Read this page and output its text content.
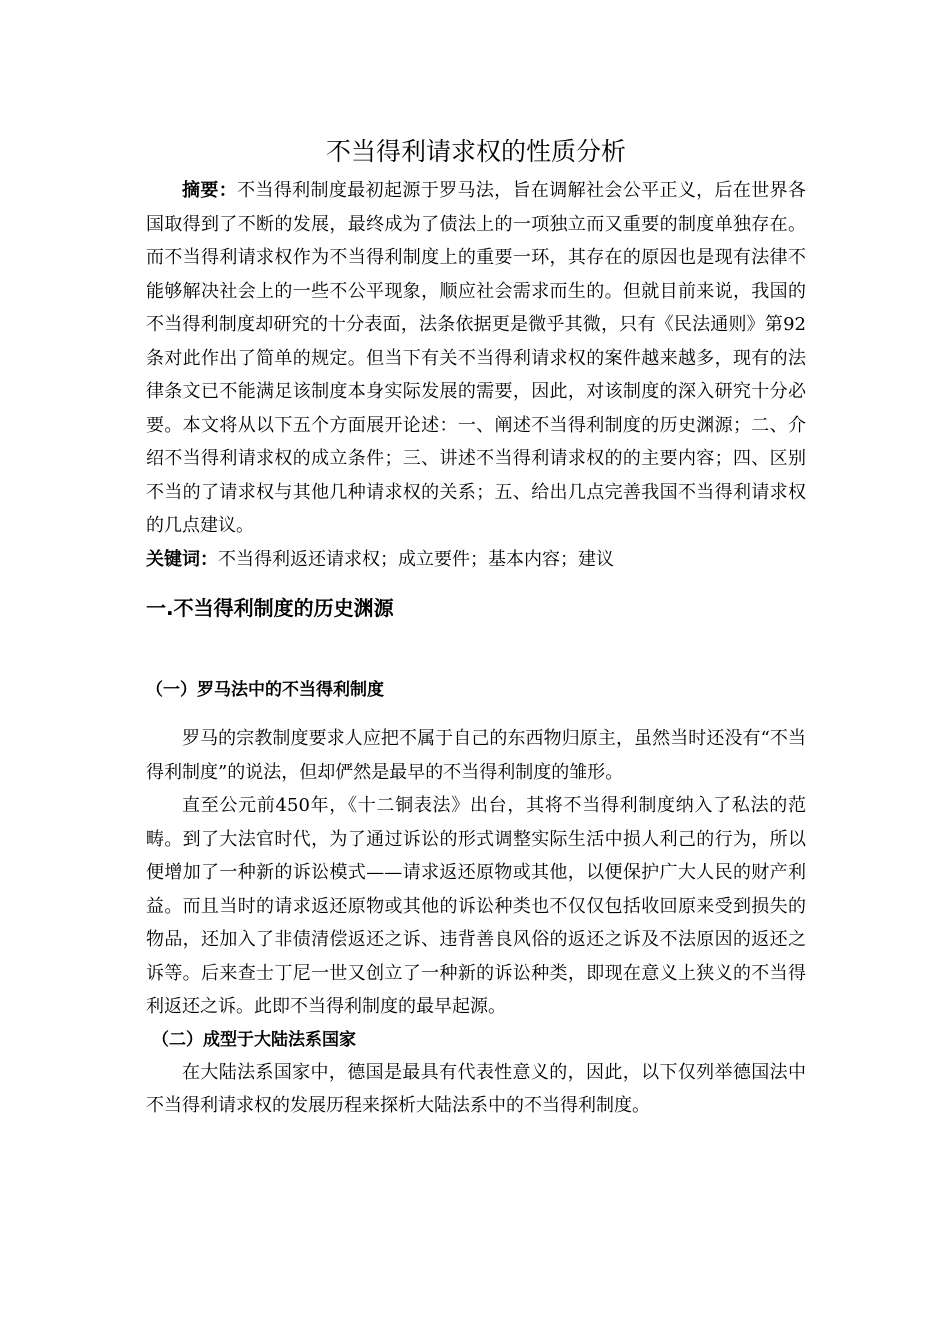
不当得利请求权的性质分析

摘要：不当得利制度最初起源于罗马法，旨在调解社会公平正义，后在世界各国取得到了不断的发展，最终成为了债法上的一项独立而又重要的制度单独存在。而不当得利请求权作为不当得利制度上的重要一环，其存在的原因也是现有法律不能够解决社会上的一些不公平现象，顺应社会需求而生的。但就目前来说，我国的不当得利制度却研究的十分表面，法条依据更是微乎其微，只有《民法通则》第92条对此作出了简单的规定。但当下有关不当得利请求权的案件越来越多，现有的法律条文已不能满足该制度本身实际发展的需要，因此，对该制度的深入研究十分必要。本文将从以下五个方面展开论述：一、阐述不当得利制度的历史渊源；二、介绍不当得利请求权的成立条件；三、讲述不当得利请求权的的主要内容；四、区别不当的了请求权与其他几种请求权的关系；五、给出几点完善我国不当得利请求权的几点建议。

关键词：不当得利返还请求权；成立要件；基本内容；建议

一.不当得利制度的历史渊源
（一）罗马法中的不当得利制度

罗马的宗教制度要求人应把不属于自己的东西物归原主，虽然当时还没有“不当得利制度”的说法，但却俨然是最早的不当得利制度的雏形。

直至公元前450年，《十二铜表法》出台，其将不当得利制度纳入了私法的范畴。到了大法官时代，为了通过诉讼的形式调整实际生活中损人利己的行为，所以便增加了一种新的诉讼模式——请求返还原物或其他，以便保护广大人民的财产利益。而且当时的请求返还原物或其他的诉讼种类也不仅仅包括收回原来受到损失的物品，还加入了非债清偿返还之诉、违背善良风俗的返还之诉及不法原因的返还之诉等。后来查士丁尼一世又创立了一种新的诉讼种类，即现在意义上狭义的不当得利返还之诉。此即不当得利制度的最早起源。

（二）成型于大陆法系国家

在大陆法系国家中，德国是最具有代表性意义的，因此，以下仅列举德国法中不当得利请求权的发展历程来探析大陆法系中的不当得利制度。
